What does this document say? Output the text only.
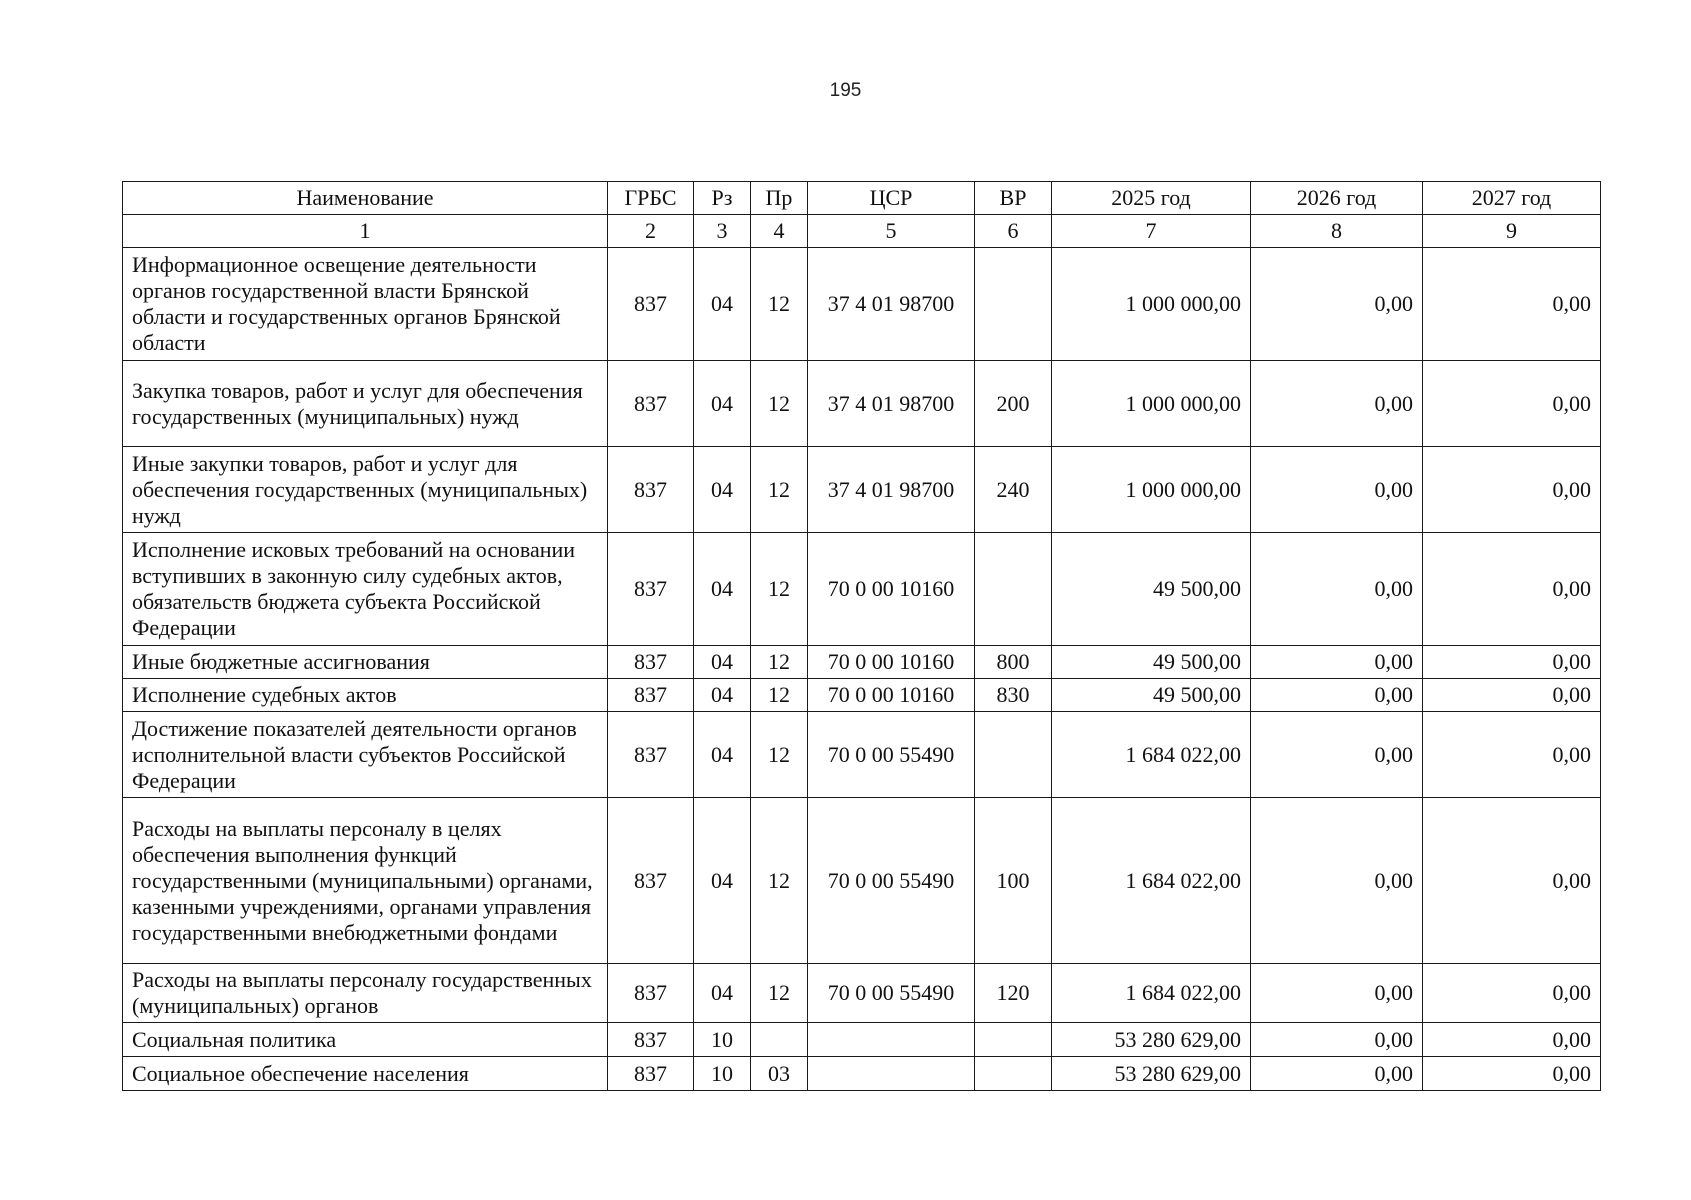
195
Наименование	ГРБС	Рз	Пр	ЦСР	ВР	2025 год	2026 год	2027 год
1	2	3	4	5	6	7	8	9
Информационное освещение деятельности органов государственной власти Брянской области и государственных органов Брянской области	837	04	12	37 4 01 98700		1 000 000,00	0,00	0,00
Закупка товаров, работ и услуг для обеспечения государственных (муниципальных) нужд	837	04	12	37 4 01 98700	200	1 000 000,00	0,00	0,00
Иные закупки товаров, работ и услуг для обеспечения государственных (муниципальных) нужд	837	04	12	37 4 01 98700	240	1 000 000,00	0,00	0,00
Исполнение исковых требований на основании вступивших в законную силу судебных актов, обязательств бюджета субъекта Российской Федерации	837	04	12	70 0 00 10160		49 500,00	0,00	0,00
Иные бюджетные ассигнования	837	04	12	70 0 00 10160	800	49 500,00	0,00	0,00
Исполнение судебных актов	837	04	12	70 0 00 10160	830	49 500,00	0,00	0,00
Достижение показателей деятельности органов исполнительной власти субъектов Российской Федерации	837	04	12	70 0 00 55490		1 684 022,00	0,00	0,00
Расходы на выплаты персоналу в целях обеспечения выполнения функций государственными (муниципальными) органами, казенными учреждениями, органами управления государственными внебюджетными фондами	837	04	12	70 0 00 55490	100	1 684 022,00	0,00	0,00
Расходы на выплаты персоналу государственных (муниципальных) органов	837	04	12	70 0 00 55490	120	1 684 022,00	0,00	0,00
Социальная политика	837	10				53 280 629,00	0,00	0,00
Социальное обеспечение населения	837	10	03			53 280 629,00	0,00	0,00
